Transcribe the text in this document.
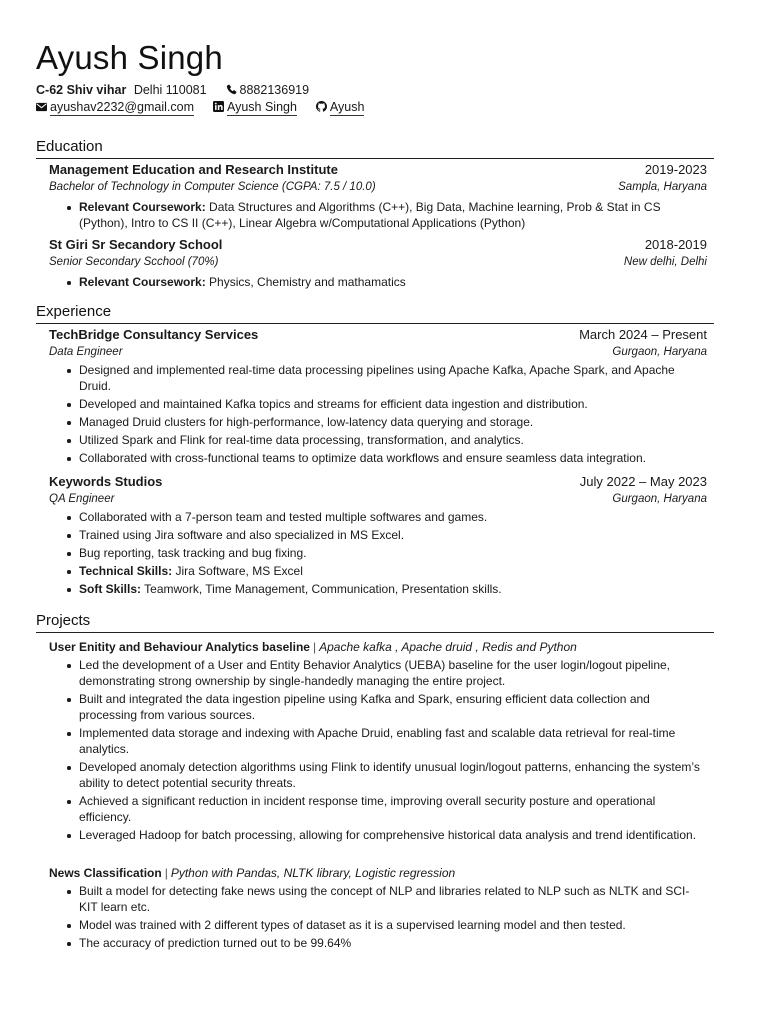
Ayush Singh
C-62 Shiv vihar Delhi 110081	8882136919
ayushav2232@gmail.com	Ayush Singh	Ayush
Education
Management Education and Research Institute	2019-2023
Bachelor of Technology in Computer Science (CGPA: 7.5 / 10.0)	Sampla, Haryana
Relevant Coursework: Data Structures and Algorithms (C++), Big Data, Machine learning, Prob & Stat in CS (Python), Intro to CS II (C++), Linear Algebra w/Computational Applications (Python)
St Giri Sr Secandory School	2018-2019
Senior Secondary Scchool (70%)	New delhi, Delhi
Relevant Coursework: Physics, Chemistry and mathamatics
Experience
TechBridge Consultancy Services	March 2024 – Present
Data Engineer	Gurgaon, Haryana
Designed and implemented real-time data processing pipelines using Apache Kafka, Apache Spark, and Apache Druid.
Developed and maintained Kafka topics and streams for efficient data ingestion and distribution.
Managed Druid clusters for high-performance, low-latency data querying and storage.
Utilized Spark and Flink for real-time data processing, transformation, and analytics.
Collaborated with cross-functional teams to optimize data workflows and ensure seamless data integration.
Keywords Studios	July 2022 – May 2023
QA Engineer	Gurgaon, Haryana
Collaborated with a 7-person team and tested multiple softwares and games.
Trained using Jira software and also specialized in MS Excel.
Bug reporting, task tracking and bug fixing.
Technical Skills: Jira Software, MS Excel
Soft Skills: Teamwork, Time Management, Communication, Presentation skills.
Projects
User Enitity and Behaviour Analytics baseline | Apache kafka , Apache druid , Redis and Python
Led the development of a User and Entity Behavior Analytics (UEBA) baseline for the user login/logout pipeline, demonstrating strong ownership by single-handedly managing the entire project.
Built and integrated the data ingestion pipeline using Kafka and Spark, ensuring efficient data collection and processing from various sources.
Implemented data storage and indexing with Apache Druid, enabling fast and scalable data retrieval for real-time analytics.
Developed anomaly detection algorithms using Flink to identify unusual login/logout patterns, enhancing the system’s ability to detect potential security threats.
Achieved a significant reduction in incident response time, improving overall security posture and operational efficiency.
Leveraged Hadoop for batch processing, allowing for comprehensive historical data analysis and trend identification.
News Classification | Python with Pandas, NLTK library, Logistic regression
Built a model for detecting fake news using the concept of NLP and libraries related to NLP such as NLTK and SCI-KIT learn etc.
Model was trained with 2 different types of dataset as it is a supervised learning model and then tested.
The accuracy of prediction turned out to be 99.64%
